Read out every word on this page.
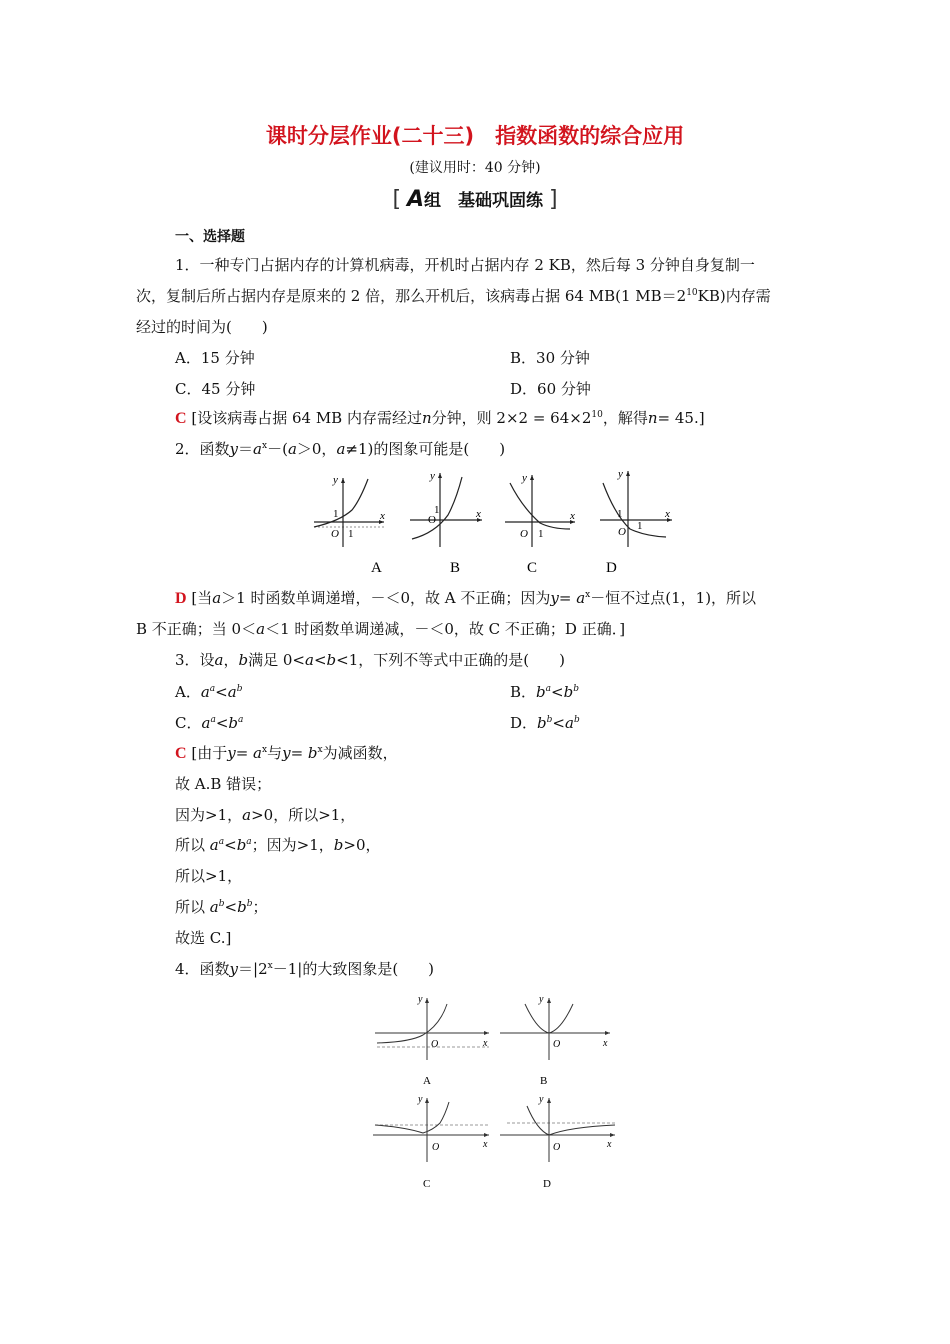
课时分层作业(二十三)　指数函数的综合应用
(建议用时：40 分钟)
[ A组　基础巩固练 ]
一、选择题
1．一种专门占据内存的计算机病毒，开机时占据内存 2 KB，然后每 3 分钟自身复制一
次，复制后所占据内存是原来的 2 倍，那么开机后，该病毒占据 64 MB(1 $MB=2^{10}KB$)内存需
经过的时间为(　　)
A．15 分钟	B．30 分钟
C．45 分钟	D．60 分钟
C [设该病毒占据 64 MB 内存需经过n分钟，则 $2\times 2 = 64\times 2^{10}$，解得n= 45.]
2．函数$y=a^x-(a>0$，a≠1)的图象可能是(　　)
y
x
1
O 1
A
y
x
O
1
B
y
x
O 1
C
y
x
1
O 1
D
D [当a＞1 时函数单调递增，－＜0，故 A 不正确；因为$y= a^x-$恒不过点(1，1)，所以
B 不正确；当 0＜a＜1 时函数单调递减，－＜0，故 C 不正确；D 正确．]
3．设a，b满足 0<a<b<1，下列不等式中正确的是(　　)
A．$a^a<a^b$	B．$b^a<b^b$
C．$a^a<b^a$	D．$b^b<a^b$
C [由于$y= a^x$与$y= b^x$为减函数，
故 A.B 错误；
因为>1，a>0，所以>1，
所以 $a^a<b^a$；因为>1，b>0，
所以>1，
所以 $a^b<b^b$；
故选 C.]
4．函数$y=|2^x-1|$的大致图象是(　　)
y
x
O
A
y
x
O
B
y
x
O
C
y
x
O
D
